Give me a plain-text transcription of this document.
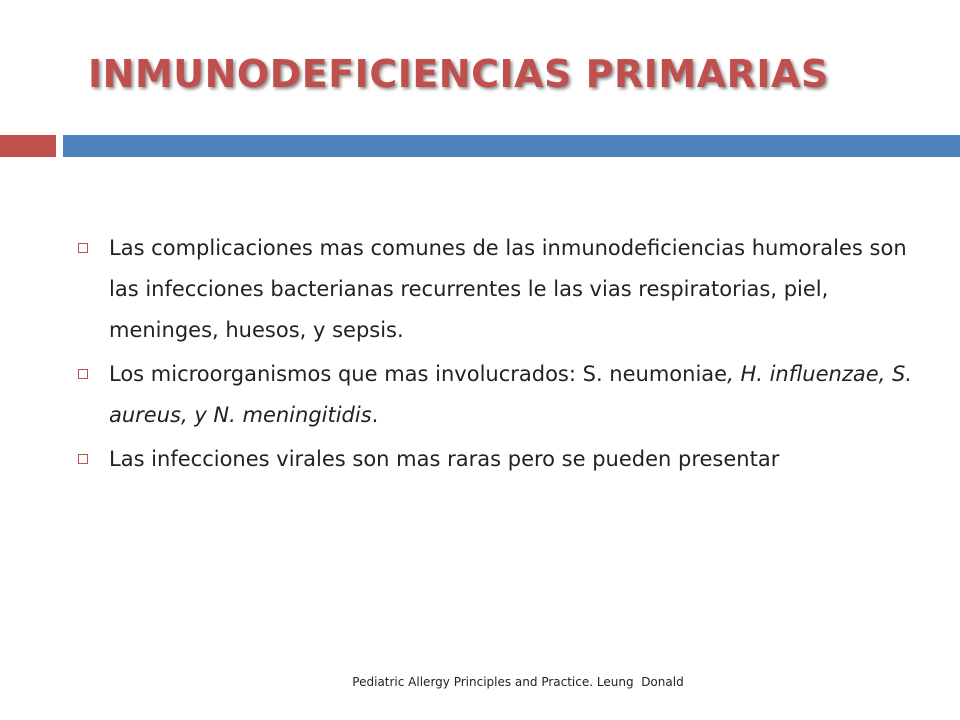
INMUNODEFICIENCIAS PRIMARIAS
Las complicaciones mas comunes de las inmunodeficiencias humorales son las infecciones bacterianas recurrentes le las vias respiratorias, piel, meninges, huesos, y sepsis.
Los microorganismos que mas involucrados: S. neumoniae, H. influenzae, S. aureus, y N. meningitidis.
Las infecciones virales son mas raras pero se pueden presentar
Pediatric Allergy Principles and Practice. Leung  Donald
